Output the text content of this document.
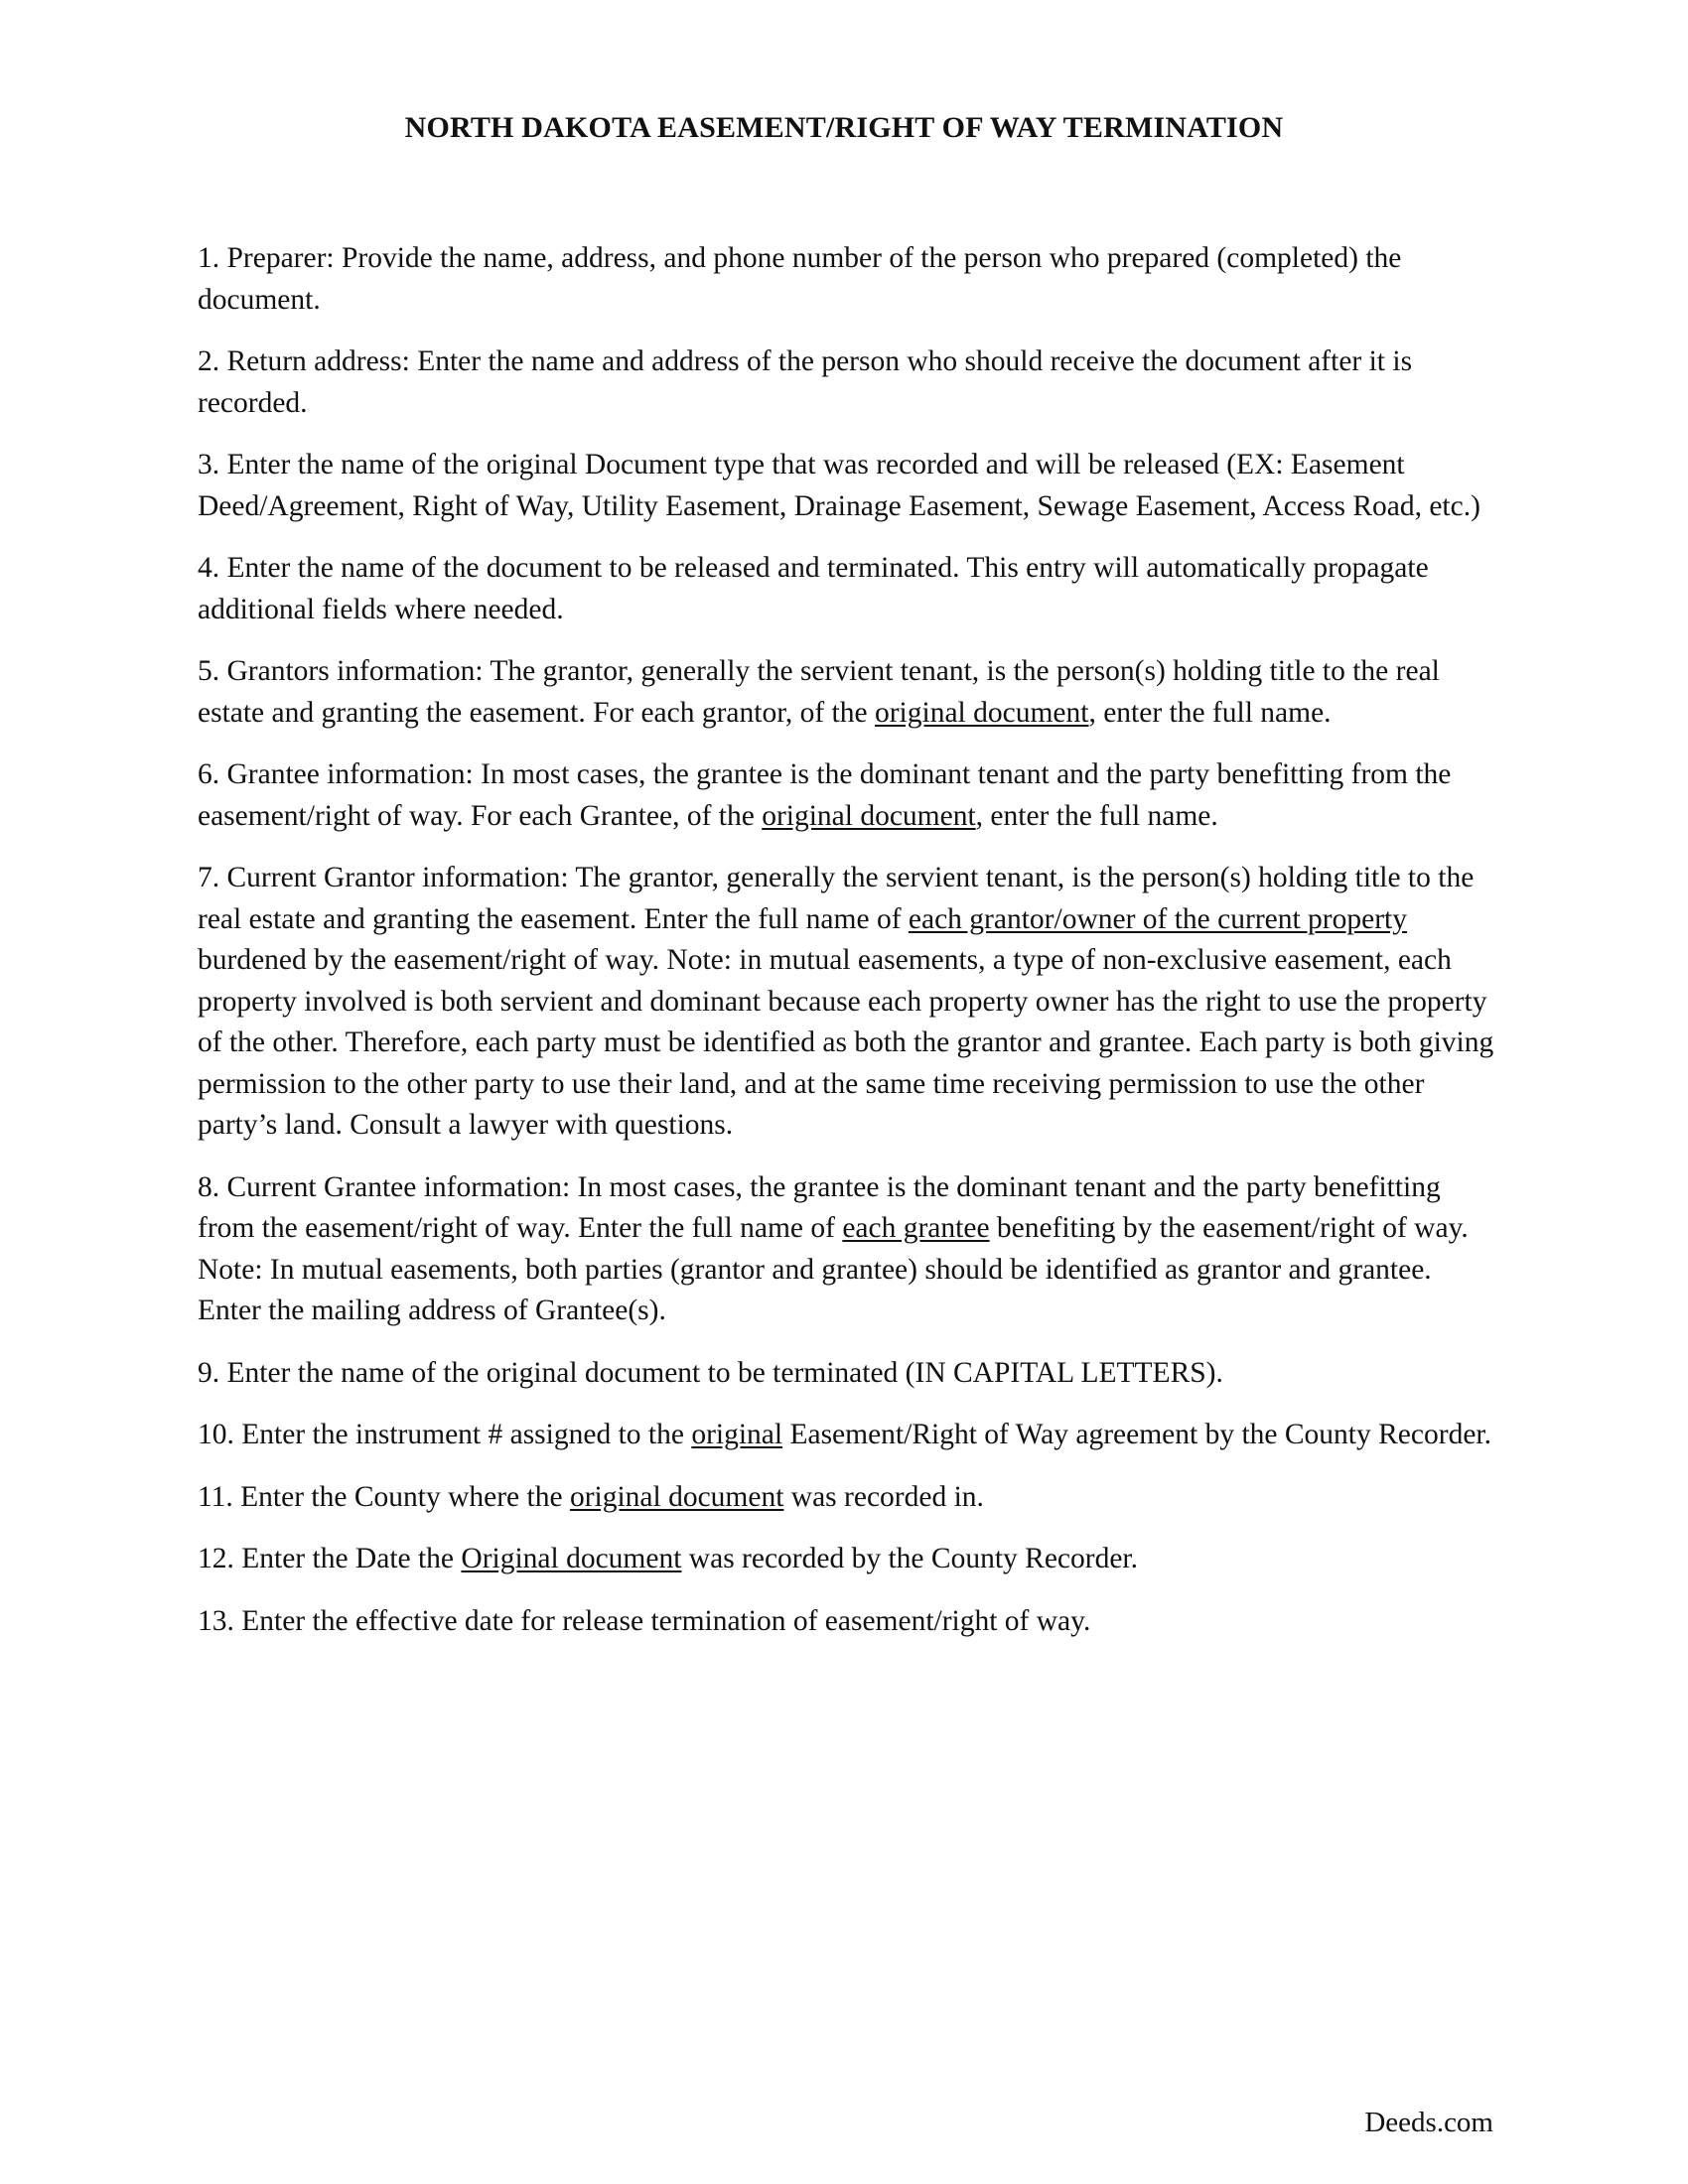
NORTH DAKOTA EASEMENT/RIGHT OF WAY TERMINATION

1. Preparer: Provide the name, address, and phone number of the person who prepared (completed) the document.

2. Return address: Enter the name and address of the person who should receive the document after it is recorded.

3. Enter the name of the original Document type that was recorded and will be released (EX: Easement Deed/Agreement, Right of Way, Utility Easement, Drainage Easement, Sewage Easement, Access Road, etc.)

4. Enter the name of the document to be released and terminated. This entry will automatically propagate additional fields where needed.

5. Grantors information: The grantor, generally the servient tenant, is the person(s) holding title to the real estate and granting the easement. For each grantor, of the original document, enter the full name.

6. Grantee information: In most cases, the grantee is the dominant tenant and the party benefitting from the easement/right of way. For each Grantee, of the original document, enter the full name.

7. Current Grantor information: The grantor, generally the servient tenant, is the person(s) holding title to the real estate and granting the easement. Enter the full name of each grantor/owner of the current property burdened by the easement/right of way. Note: in mutual easements, a type of non-exclusive easement, each property involved is both servient and dominant because each property owner has the right to use the property of the other. Therefore, each party must be identified as both the grantor and grantee. Each party is both giving permission to the other party to use their land, and at the same time receiving permission to use the other party’s land. Consult a lawyer with questions.

8. Current Grantee information: In most cases, the grantee is the dominant tenant and the party benefitting from the easement/right of way. Enter the full name of each grantee benefiting by the easement/right of way. Note: In mutual easements, both parties (grantor and grantee) should be identified as grantor and grantee. Enter the mailing address of Grantee(s).

9. Enter the name of the original document to be terminated (IN CAPITAL LETTERS).

10. Enter the instrument # assigned to the original Easement/Right of Way agreement by the County Recorder.

11. Enter the County where the original document was recorded in.

12. Enter the Date the Original document was recorded by the County Recorder.

13. Enter the effective date for release termination of easement/right of way.

Deeds.com
